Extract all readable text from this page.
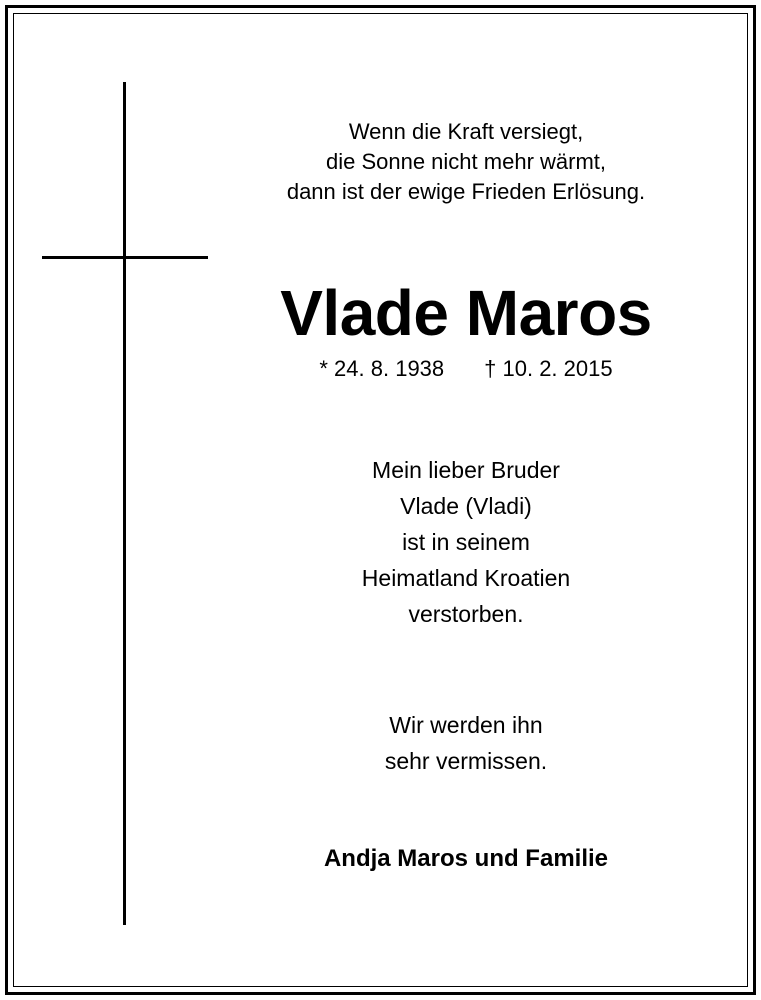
Wenn die Kraft versiegt,
die Sonne nicht mehr wärmt,
dann ist der ewige Frieden Erlösung.
Vlade Maros
* 24. 8. 1938 † 10. 2. 2015
Mein lieber Bruder
Vlade (Vladi)
ist in seinem
Heimatland Kroatien
verstorben.
Wir werden ihn
sehr vermissen.
Andja Maros und Familie
